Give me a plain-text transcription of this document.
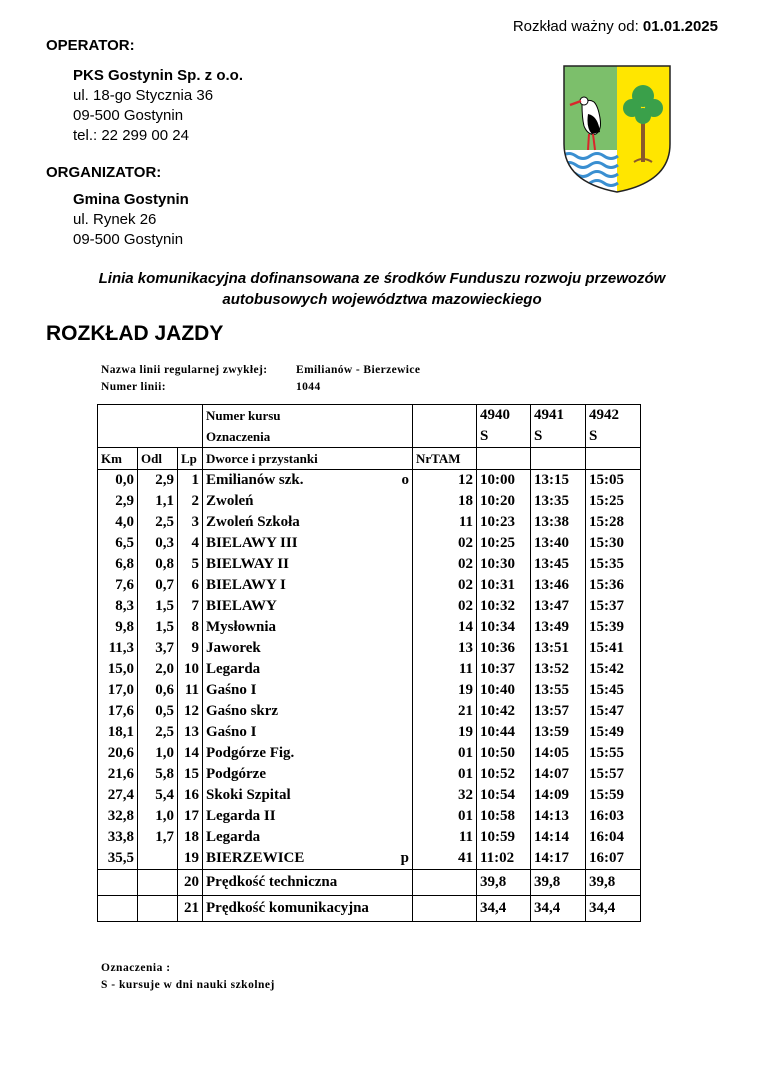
Rozkład ważny od: 01.01.2025
OPERATOR:
PKS Gostynin Sp. z o.o.
ul. 18-go Stycznia 36
09-500 Gostynin
tel.: 22 299 00 24
ORGANIZATOR:
Gmina Gostynin
ul. Rynek 26
09-500 Gostynin
Linia komunikacyjna dofinansowana ze środków Funduszu rozwoju przewozów
autobusowych województwa mazowieckiego
ROZKŁAD JAZDY
Nazwa linii regularnej zwykłej: Emilianów - Bierzewice
Numer linii:	1044
			Numer kursu		4940	4941	4942
			Oznaczenia		S	S	S
Km	Odl	Lp	Dworce i przystanki	NrTAM			
0,0	2,9	1	Emilianów szk. o	12	10:00	13:15	15:05
2,9	1,1	2	Zwoleń	18	10:20	13:35	15:25
4,0	2,5	3	Zwoleń Szkoła	11	10:23	13:38	15:28
6,5	0,3	4	BIELAWY III	02	10:25	13:40	15:30
6,8	0,8	5	BIELWAY II	02	10:30	13:45	15:35
7,6	0,7	6	BIELAWY I	02	10:31	13:46	15:36
8,3	1,5	7	BIELAWY	02	10:32	13:47	15:37
9,8	1,5	8	Mysłownia	14	10:34	13:49	15:39
11,3	3,7	9	Jaworek	13	10:36	13:51	15:41
15,0	2,0	10	Legarda	11	10:37	13:52	15:42
17,0	0,6	11	Gaśno I	19	10:40	13:55	15:45
17,6	0,5	12	Gaśno skrz	21	10:42	13:57	15:47
18,1	2,5	13	Gaśno I	19	10:44	13:59	15:49
20,6	1,0	14	Podgórze Fig.	01	10:50	14:05	15:55
21,6	5,8	15	Podgórze	01	10:52	14:07	15:57
27,4	5,4	16	Skoki Szpital	32	10:54	14:09	15:59
32,8	1,0	17	Legarda II	01	10:58	14:13	16:03
33,8	1,7	18	Legarda	11	10:59	14:14	16:04
35,5		19	BIERZEWICE p	41	11:02	14:17	16:07
		20	Prędkość techniczna		39,8	39,8	39,8
		21	Prędkość komunikacyjna		34,4	34,4	34,4
Oznaczenia :
S - kursuje w dni nauki szkolnej
